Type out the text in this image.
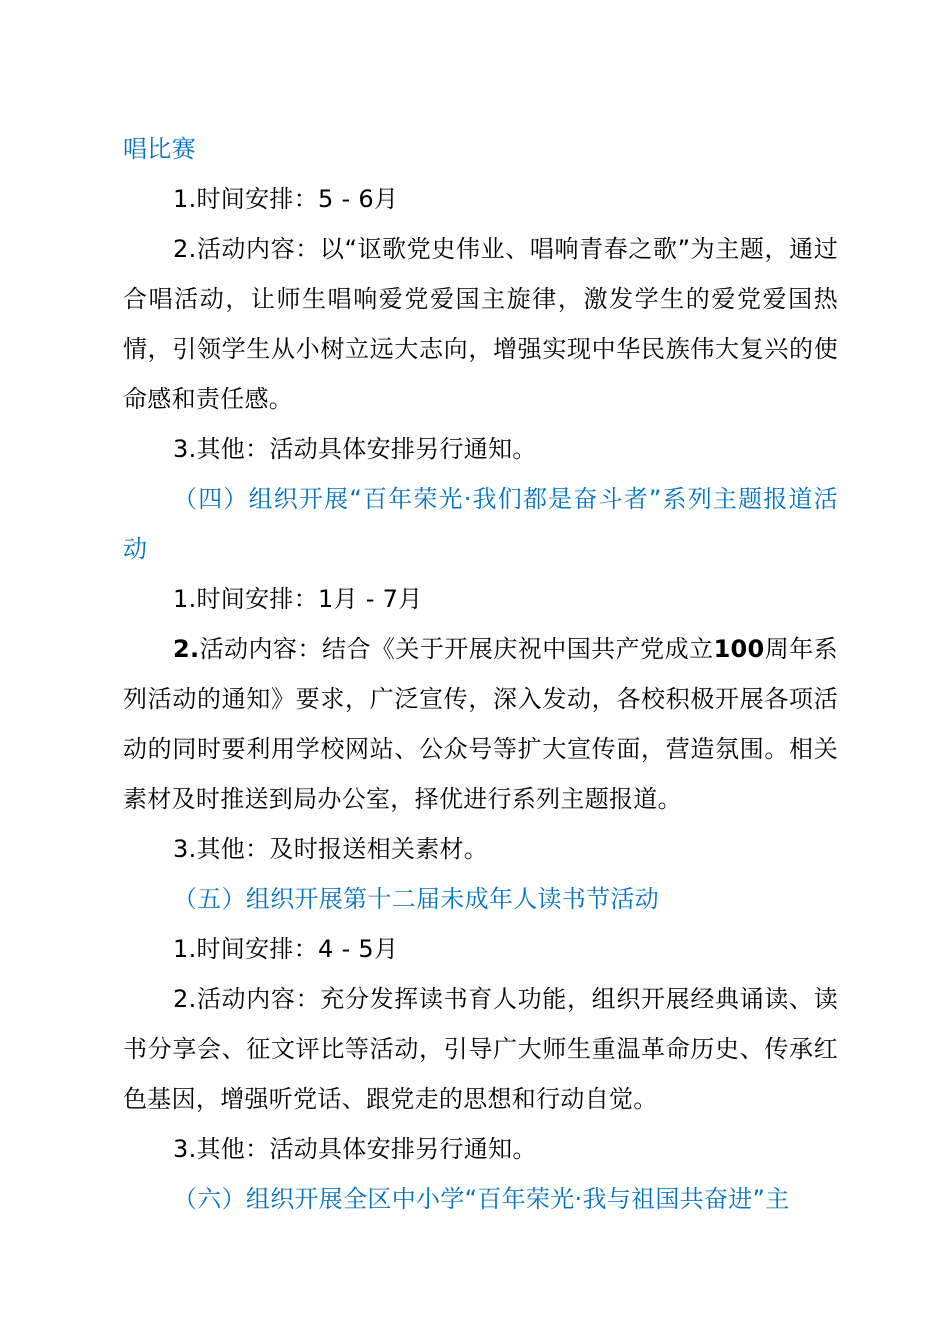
唱比赛

1.时间安排：5 - 6月

2.活动内容：以“讴歌党史伟业、唱响青春之歌”为主题，通过合唱活动，让师生唱响爱党爱国主旋律，激发学生的爱党爱国热情，引领学生从小树立远大志向，增强实现中华民族伟大复兴的使命感和责任感。

3.其他：活动具体安排另行通知。

（四）组织开展“百年荣光·我们都是奋斗者”系列主题报道活动

1.时间安排：1月 - 7月

2.活动内容：结合《关于开展庆祝中国共产党成立100周年系列活动的通知》要求，广泛宣传，深入发动，各校积极开展各项活动的同时要利用学校网站、公众号等扩大宣传面，营造氛围。相关素材及时推送到局办公室，择优进行系列主题报道。

3.其他：及时报送相关素材。

（五）组织开展第十二届未成年人读书节活动

1.时间安排：4 - 5月

2.活动内容：充分发挥读书育人功能，组织开展经典诵读、读书分享会、征文评比等活动，引导广大师生重温革命历史、传承红色基因，增强听党话、跟党走的思想和行动自觉。

3.其他：活动具体安排另行通知。

（六）组织开展全区中小学“百年荣光·我与祖国共奋进”主
